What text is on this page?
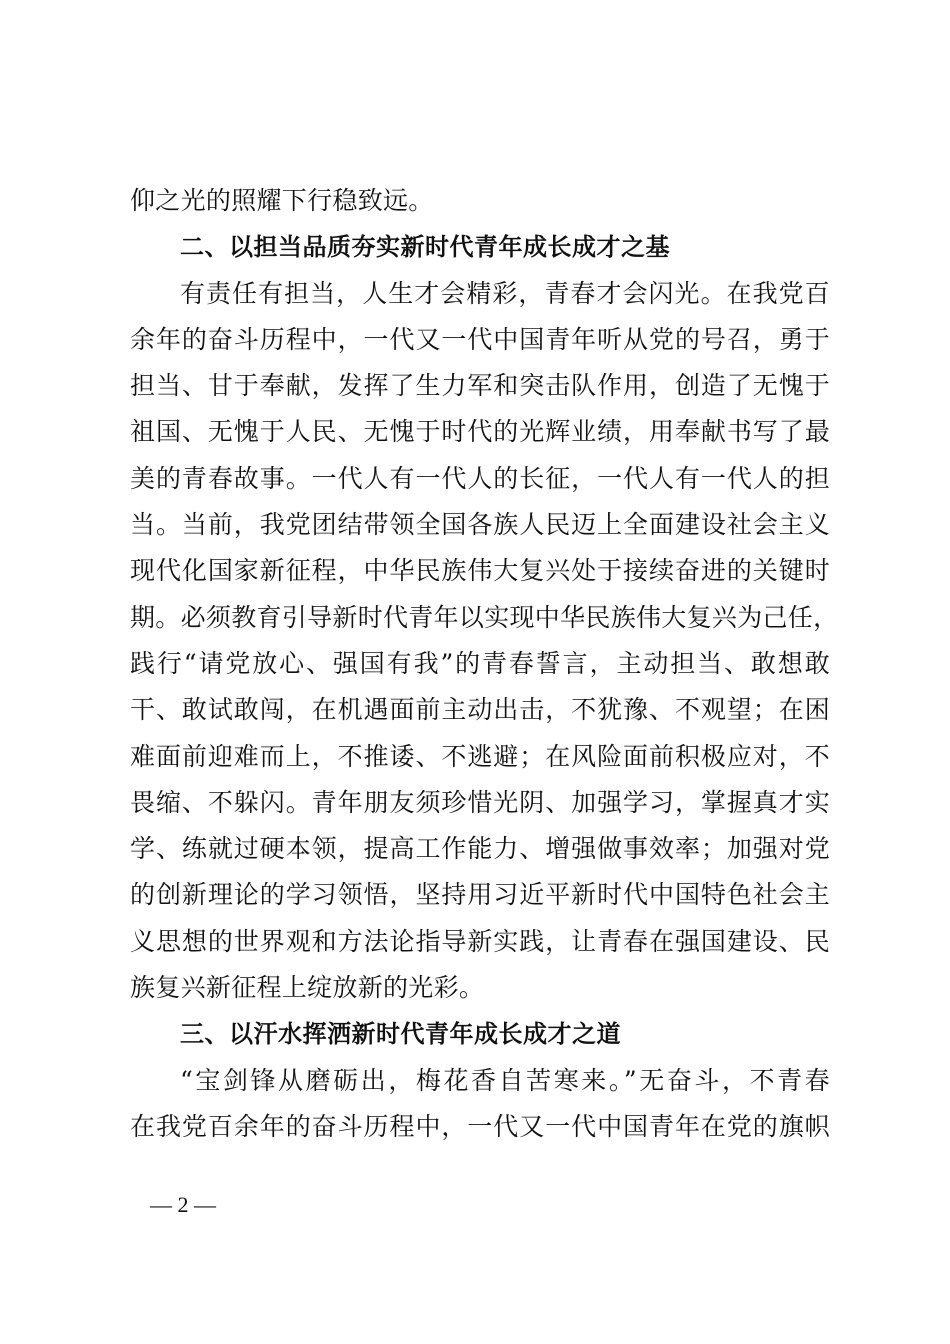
仰之光的照耀下行稳致远。
二、以担当品质夯实新时代青年成长成才之基
有责任有担当，人生才会精彩，青春才会闪光。在我党百
余年的奋斗历程中，一代又一代中国青年听从党的号召，勇于
担当、甘于奉献，发挥了生力军和突击队作用，创造了无愧于
祖国、无愧于人民、无愧于时代的光辉业绩，用奉献书写了最
美的青春故事。一代人有一代人的长征，一代人有一代人的担
当。当前，我党团结带领全国各族人民迈上全面建设社会主义
现代化国家新征程，中华民族伟大复兴处于接续奋进的关键时
期。必须教育引导新时代青年以实现中华民族伟大复兴为己任，
践行“请党放心、强国有我”的青春誓言，主动担当、敢想敢
干、敢试敢闯，在机遇面前主动出击，不犹豫、不观望；在困
难面前迎难而上，不推诿、不逃避；在风险面前积极应对，不
畏缩、不躲闪。青年朋友须珍惜光阴、加强学习，掌握真才实
学、练就过硬本领，提高工作能力、增强做事效率；加强对党
的创新理论的学习领悟，坚持用习近平新时代中国特色社会主
义思想的世界观和方法论指导新实践，让青春在强国建设、民
族复兴新征程上绽放新的光彩。
三、以汗水挥洒新时代青年成长成才之道
“宝剑锋从磨砺出，梅花香自苦寒来。”无奋斗，不青春
在我党百余年的奋斗历程中，一代又一代中国青年在党的旗帜
— 2 —
